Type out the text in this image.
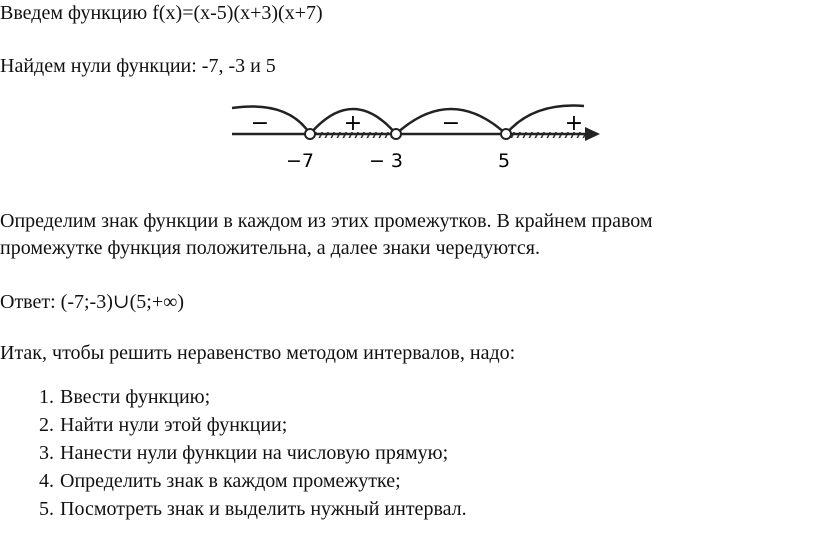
Введем функцию f(x)=(x-5)(x+3)(x+7)
Найдем нули функции: -7, -3 и 5
−	+	−	+
−7	− 3	5
Определим знак функции в каждом из этих промежутков. В крайнем правом
промежутке функция положительна, а далее знаки чередуются.
Ответ: (-7;-3)∪(5;+∞)
Итак, чтобы решить неравенство методом интервалов, надо:
1. Ввести функцию;
2. Найти нули этой функции;
3. Нанести нули функции на числовую прямую;
4. Определить знак в каждом промежутке;
5. Посмотреть знак и выделить нужный интервал.
